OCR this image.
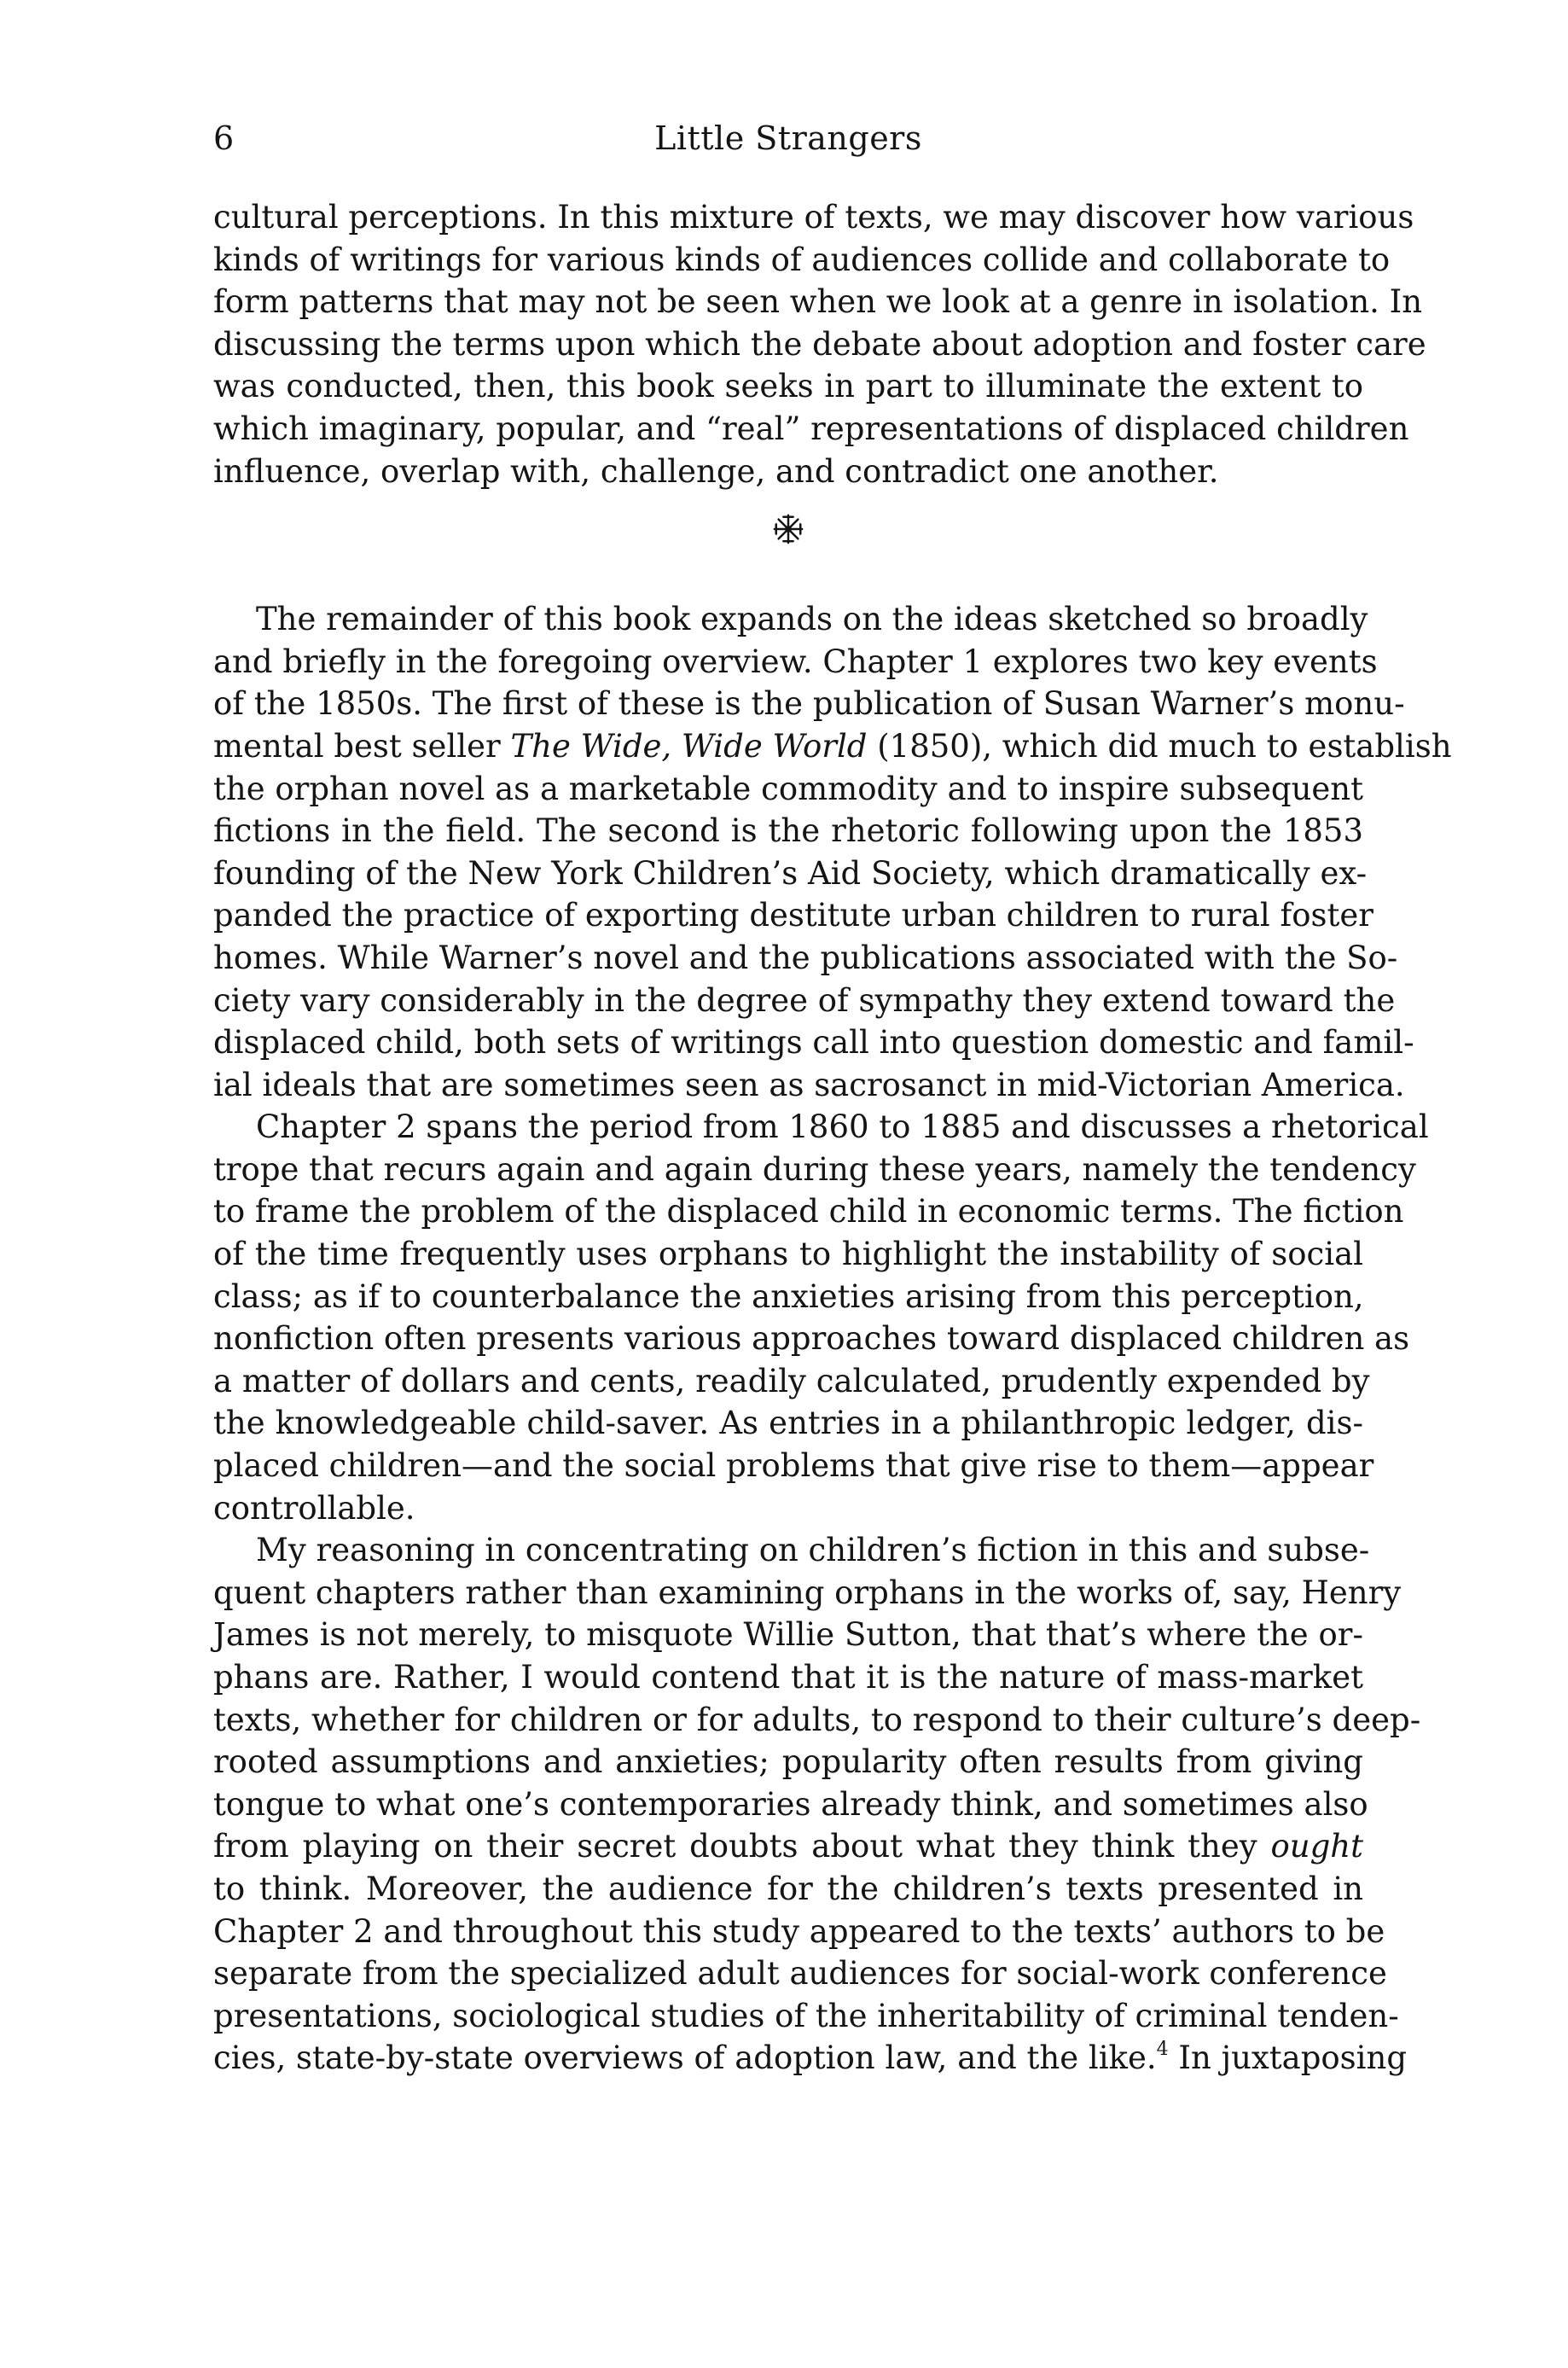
6	Little Strangers
cultural perceptions. In this mixture of texts, we may discover how various
kinds of writings for various kinds of audiences collide and collaborate to
form patterns that may not be seen when we look at a genre in isolation. In
discussing the terms upon which the debate about adoption and foster care
was conducted, then, this book seeks in part to illuminate the extent to
which imaginary, popular, and “real” representations of displaced children
influence, overlap with, challenge, and contradict one another.
The remainder of this book expands on the ideas sketched so broadly
and briefly in the foregoing overview. Chapter 1 explores two key events
of the 1850s. The first of these is the publication of Susan Warner’s monu-
mental best seller The Wide, Wide World (1850), which did much to establish
the orphan novel as a marketable commodity and to inspire subsequent
fictions in the field. The second is the rhetoric following upon the 1853
founding of the New York Children’s Aid Society, which dramatically ex-
panded the practice of exporting destitute urban children to rural foster
homes. While Warner’s novel and the publications associated with the So-
ciety vary considerably in the degree of sympathy they extend toward the
displaced child, both sets of writings call into question domestic and famil-
ial ideals that are sometimes seen as sacrosanct in mid-Victorian America.
Chapter 2 spans the period from 1860 to 1885 and discusses a rhetorical
trope that recurs again and again during these years, namely the tendency
to frame the problem of the displaced child in economic terms. The fiction
of the time frequently uses orphans to highlight the instability of social
class; as if to counterbalance the anxieties arising from this perception,
nonfiction often presents various approaches toward displaced children as
a matter of dollars and cents, readily calculated, prudently expended by
the knowledgeable child-saver. As entries in a philanthropic ledger, dis-
placed children—and the social problems that give rise to them—appear
controllable.
My reasoning in concentrating on children’s fiction in this and subse-
quent chapters rather than examining orphans in the works of, say, Henry
James is not merely, to misquote Willie Sutton, that that’s where the or-
phans are. Rather, I would contend that it is the nature of mass-market
texts, whether for children or for adults, to respond to their culture’s deep-
rooted assumptions and anxieties; popularity often results from giving
tongue to what one’s contemporaries already think, and sometimes also
from playing on their secret doubts about what they think they ought
to think. Moreover, the audience for the children’s texts presented in
Chapter 2 and throughout this study appeared to the texts’ authors to be
separate from the specialized adult audiences for social-work conference
presentations, sociological studies of the inheritability of criminal tenden-
cies, state-by-state overviews of adoption law, and the like.$^4$ In juxtaposing
